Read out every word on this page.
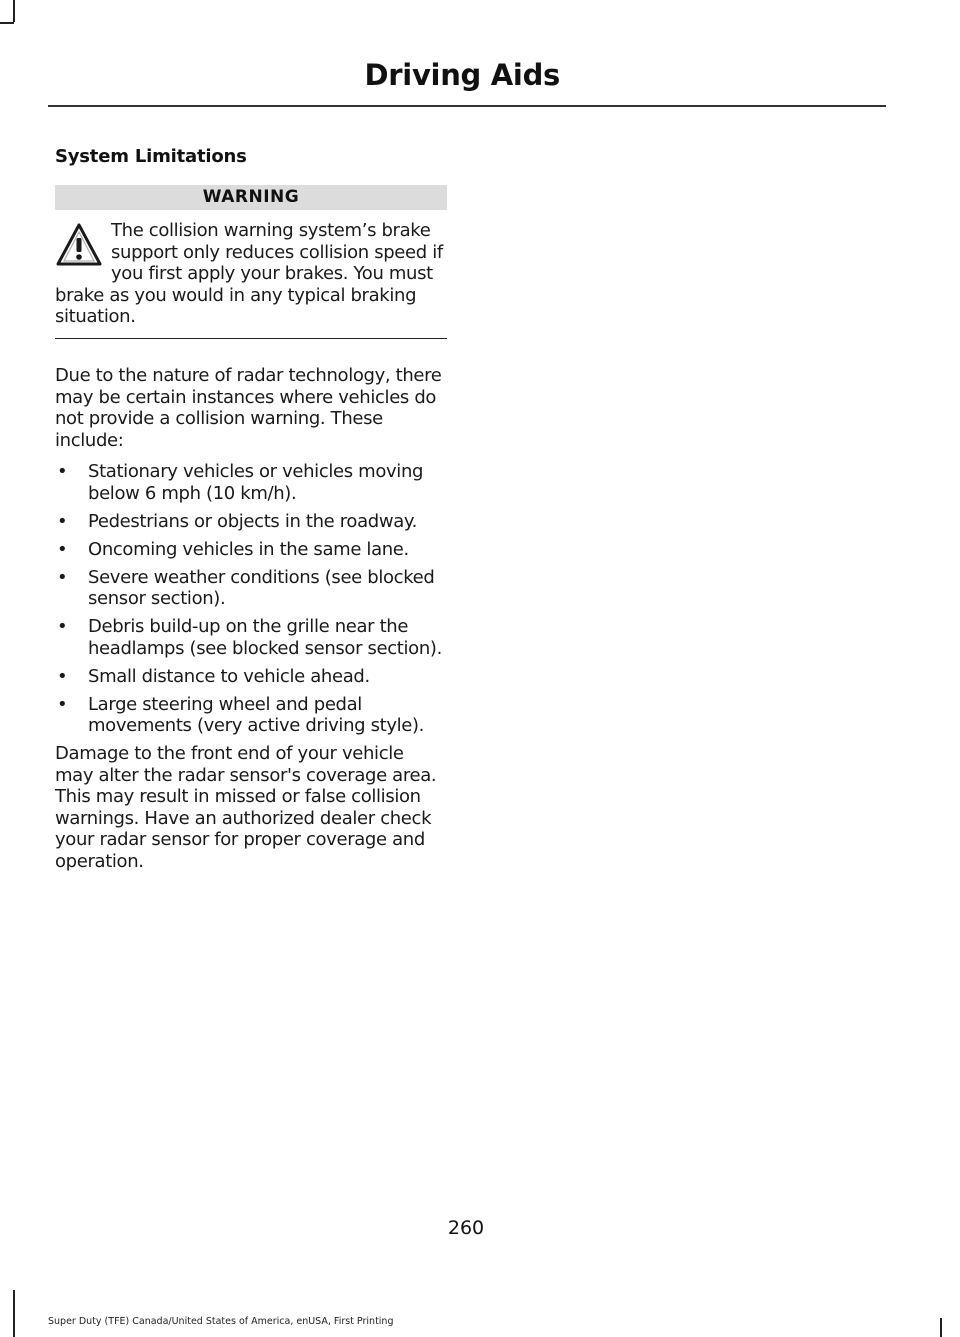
Driving Aids
System Limitations
WARNING
The collision warning system’s brake support only reduces collision speed if you first apply your brakes. You must brake as you would in any typical braking situation.

Due to the nature of radar technology, there may be certain instances where vehicles do not provide a collision warning. These include:

• Stationary vehicles or vehicles moving below 6 mph (10 km/h).
• Pedestrians or objects in the roadway.
• Oncoming vehicles in the same lane.
• Severe weather conditions (see blocked sensor section).
• Debris build-up on the grille near the headlamps (see blocked sensor section).
• Small distance to vehicle ahead.
• Large steering wheel and pedal movements (very active driving style).

Damage to the front end of your vehicle may alter the radar sensor's coverage area. This may result in missed or false collision warnings. Have an authorized dealer check your radar sensor for proper coverage and operation.

260
Super Duty (TFE) Canada/United States of America, enUSA, First Printing
